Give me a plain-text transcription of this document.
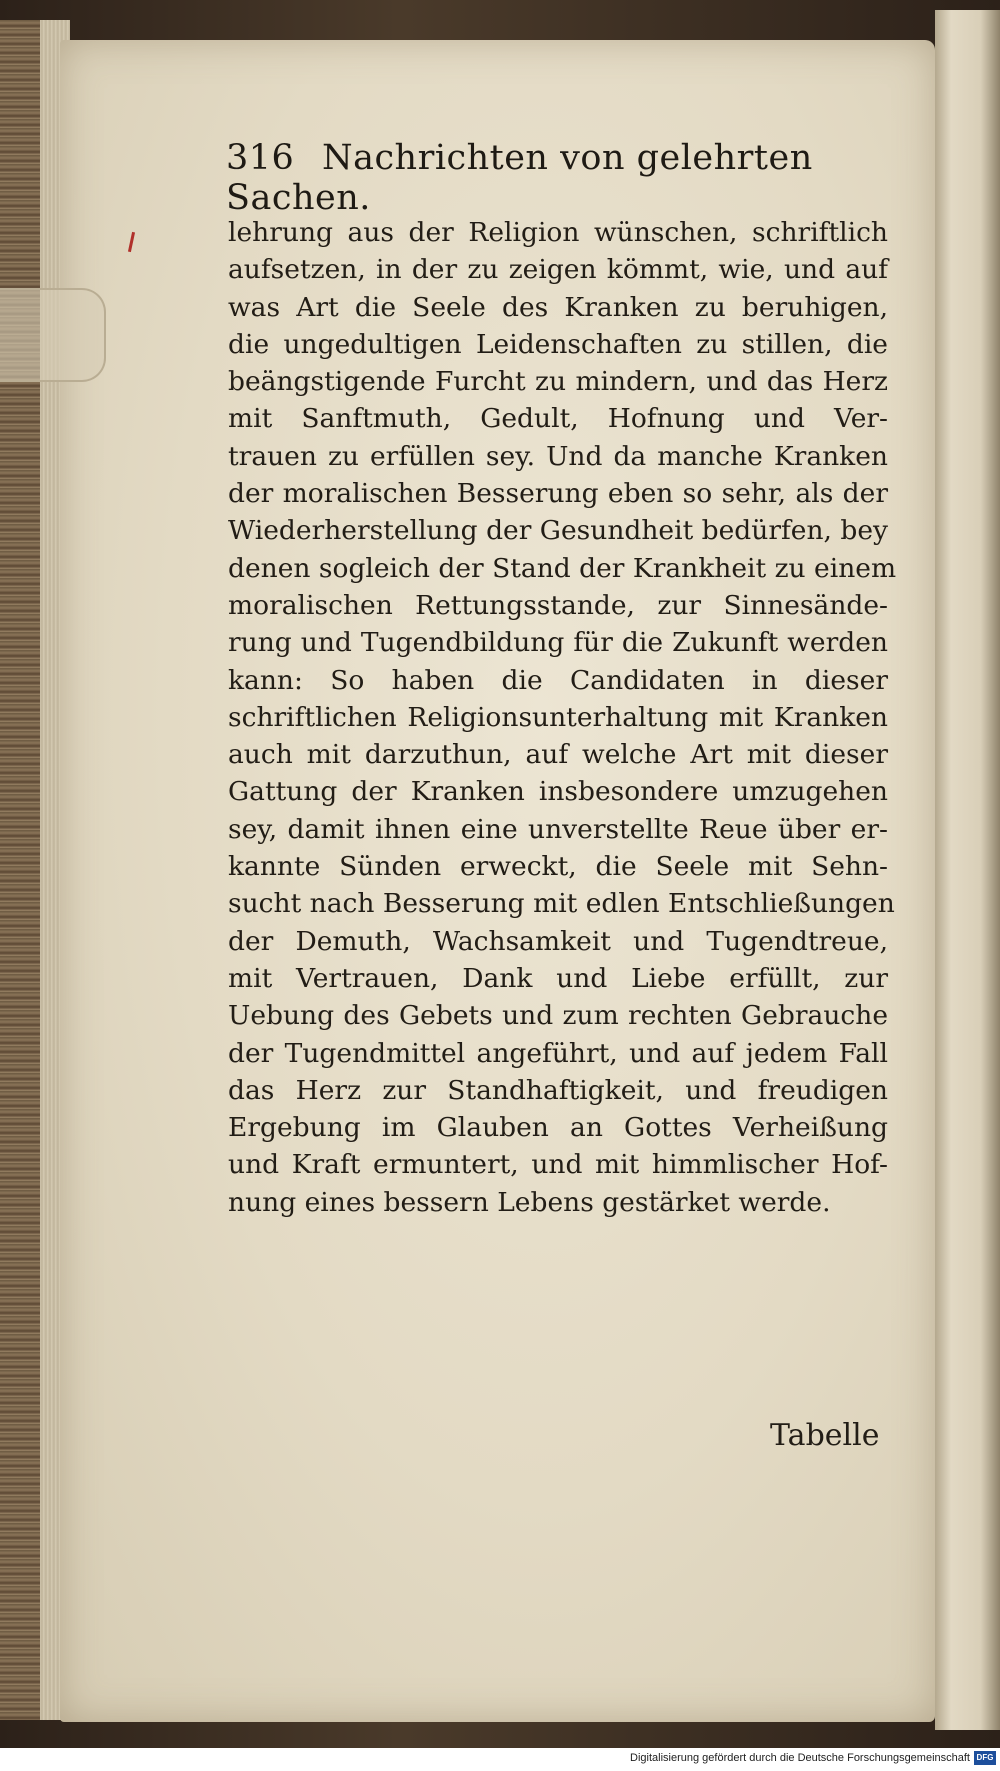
316 Nachrichten von gelehrten Sachen.
lehrung aus der Religion wünschen, schriftlich
aufsetzen, in der zu zeigen kömmt, wie, und auf
was Art die Seele des Kranken zu beruhigen,
die ungedultigen Leidenschaften zu stillen, die
beängstigende Furcht zu mindern, und das Herz
mit Sanftmuth, Gedult, Hofnung und Ver-
trauen zu erfüllen sey. Und da manche Kranken
der moralischen Besserung eben so sehr, als der
Wiederherstellung der Gesundheit bedürfen, bey
denen sogleich der Stand der Krankheit zu einem
moralischen Rettungsstande, zur Sinnesände-
rung und Tugendbildung für die Zukunft werden
kann: So haben die Candidaten in dieser
schriftlichen Religionsunterhaltung mit Kranken
auch mit darzuthun, auf welche Art mit dieser
Gattung der Kranken insbesondere umzugehen
sey, damit ihnen eine unverstellte Reue über er-
kannte Sünden erweckt, die Seele mit Sehn-
sucht nach Besserung mit edlen Entschließungen
der Demuth, Wachsamkeit und Tugendtreue,
mit Vertrauen, Dank und Liebe erfüllt, zur
Uebung des Gebets und zum rechten Gebrauche
der Tugendmittel angeführt, und auf jedem Fall
das Herz zur Standhaftigkeit, und freudigen
Ergebung im Glauben an Gottes Verheißung
und Kraft ermuntert, und mit himmlischer Hof-
nung eines bessern Lebens gestärket werde.
Tabelle
Digitalisierung gefördert durch die Deutsche Forschungsgemeinschaft DFG
